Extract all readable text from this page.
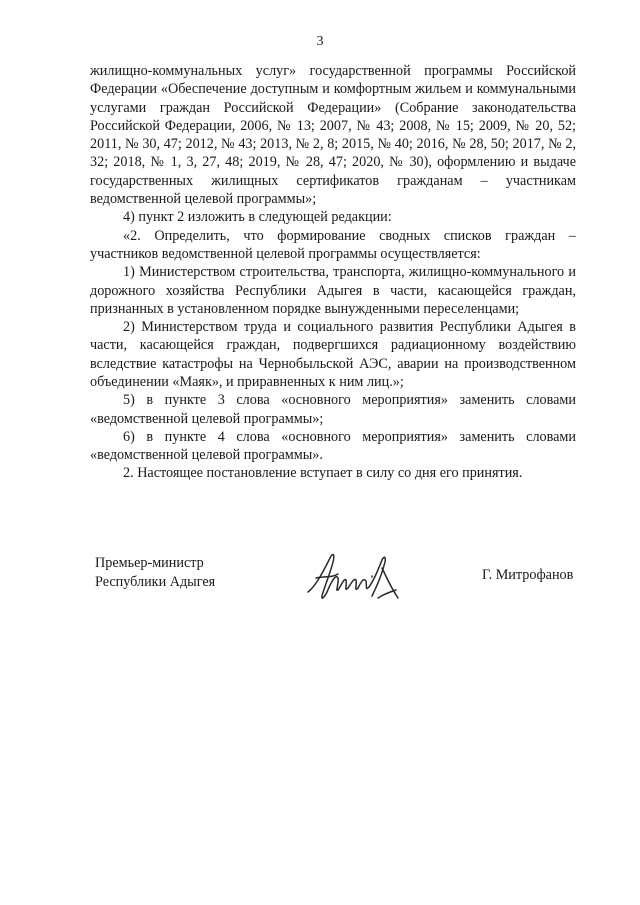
3

жилищно-коммунальных услуг» государственной программы Российской Федерации «Обеспечение доступным и комфортным жильем и коммунальными услугами граждан Российской Федерации» (Собрание законодательства Российской Федерации, 2006, № 13; 2007, № 43; 2008, № 15; 2009, № 20, 52; 2011, № 30, 47; 2012, № 43; 2013, № 2, 8; 2015, № 40; 2016, № 28, 50; 2017, № 2, 32; 2018, № 1, 3, 27, 48; 2019, № 28, 47; 2020, № 30), оформлению и выдаче государственных жилищных сертификатов гражданам – участникам ведомственной целевой программы»;

4) пункт 2 изложить в следующей редакции:

«2. Определить, что формирование сводных списков граждан – участников ведомственной целевой программы осуществляется:

1) Министерством строительства, транспорта, жилищно-коммунального и дорожного хозяйства Республики Адыгея в части, касающейся граждан, признанных в установленном порядке вынужденными переселенцами;

2) Министерством труда и социального развития Республики Адыгея в части, касающейся граждан, подвергшихся радиационному воздействию вследствие катастрофы на Чернобыльской АЭС, аварии на производственном объединении «Маяк», и приравненных к ним лиц.»;

5) в пункте 3 слова «основного мероприятия» заменить словами «ведомственной целевой программы»;

6) в пункте 4 слова «основного мероприятия» заменить словами «ведомственной целевой программы».

2. Настоящее постановление вступает в силу со дня его принятия.

Премьер-министр
Республики Адыгея	Г. Митрофанов
